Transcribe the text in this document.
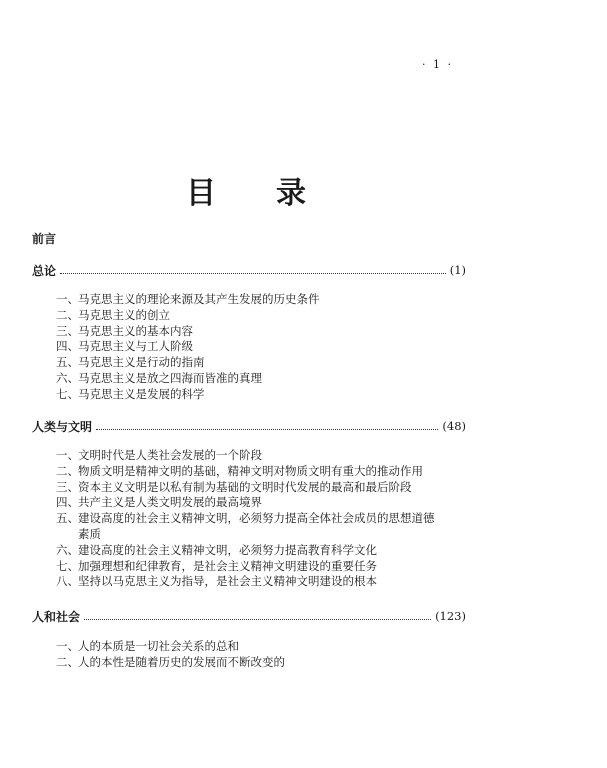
· 1 ·
目 录
前言
总论	(1)
一、马克思主义的理论来源及其产生发展的历史条件
二、马克思主义的创立
三、马克思主义的基本内容
四、马克思主义与工人阶级
五、马克思主义是行动的指南
六、马克思主义是放之四海而皆准的真理
七、马克思主义是发展的科学
人类与文明	(48)
一、文明时代是人类社会发展的一个阶段
二、物质文明是精神文明的基础，精神文明对物质文明有重大的推动作用
三、资本主义文明是以私有制为基础的文明时代发展的最高和最后阶段
四、共产主义是人类文明发展的最高境界
五、建设高度的社会主义精神文明，必须努力提高全体社会成员的思想道德
素质
六、建设高度的社会主义精神文明，必须努力提高教育科学文化
七、加强理想和纪律教育，是社会主义精神文明建设的重要任务
八、坚持以马克思主义为指导，是社会主义精神文明建设的根本
人和社会	(123)
一、人的本质是一切社会关系的总和
二、人的本性是随着历史的发展而不断改变的
